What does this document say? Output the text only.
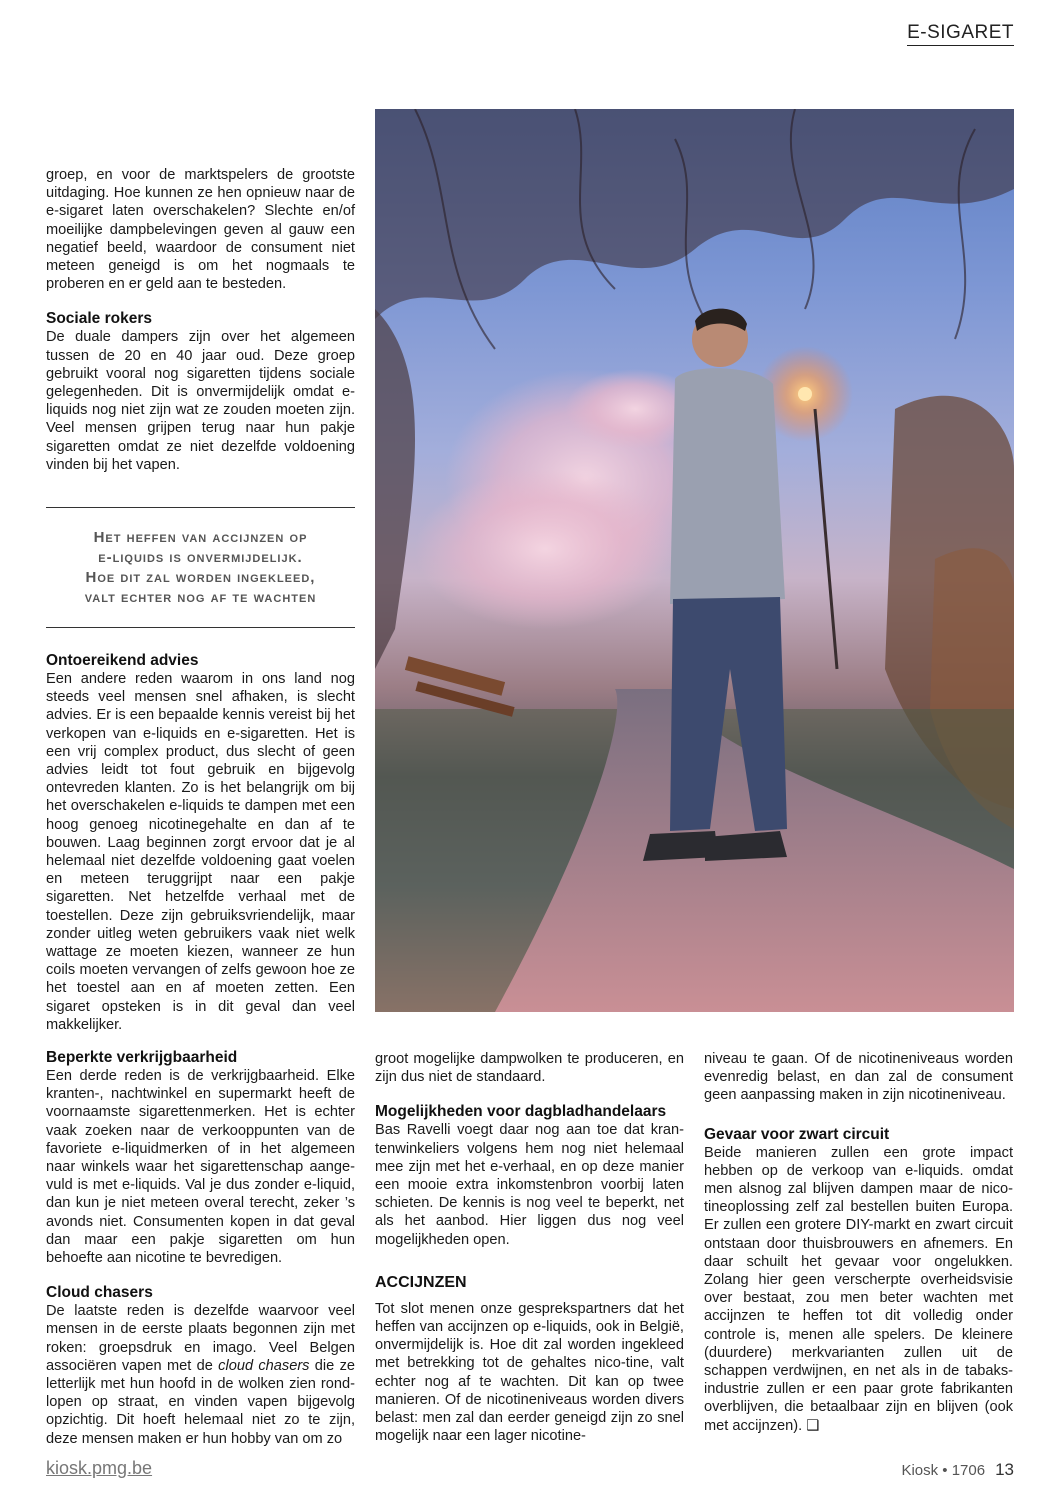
E-SIGARET

groep, en voor de marktspelers de grootste uitdaging. Hoe kunnen ze hen opnieuw naar de e-sigaret laten overschakelen? Slechte en/of moeilijke dampbelevingen geven al gauw een negatief beeld, waardoor de consument niet meteen geneigd is om het nogmaals te proberen en er geld aan te besteden.

Sociale rokers

De duale dampers zijn over het algemeen tussen de 20 en 40 jaar oud. Deze groep gebruikt vooral nog sigaretten tijdens sociale gelegenheden. Dit is onvermijdelijk omdat e-liquids nog niet zijn wat ze zouden moeten zijn. Veel mensen grijpen terug naar hun pakje sigaretten omdat ze niet dezelfde voldoening vinden bij het vapen.

Het heffen van accijnzen op
e-liquids is onvermijdelijk.
Hoe dit zal worden ingekleed,
valt echter nog af te wachten
Ontoereikend advies

Een andere reden waarom in ons land nog steeds veel mensen snel afhaken, is slecht advies. Er is een bepaalde kennis vereist bij het verkopen van e-liquids en e-sigaretten. Het is een vrij complex product, dus slecht of geen advies leidt tot fout gebruik en bijgevolg ontevreden klanten. Zo is het belangrijk om bij het overschakelen e-liquids te dampen met een hoog genoeg nicotinegehalte en dan af te bouwen. Laag beginnen zorgt ervoor dat je al helemaal niet dezelfde voldoening gaat voelen en meteen teruggrijpt naar een pakje sigaretten. Net hetzelfde verhaal met de toestellen. Deze zijn gebruiksvriendelijk, maar zonder uitleg weten gebruikers vaak niet welk wattage ze moeten kiezen, wanneer ze hun coils moeten vervangen of zelfs gewoon hoe ze het toestel aan en af moeten zetten. Een sigaret opsteken is in dit geval dan veel makkelijker.

Beperkte verkrijgbaarheid

Een derde reden is de verkrijgbaarheid. Elke kranten-, nachtwinkel en supermarkt heeft de voornaamste sigarettenmerken. Het is echter vaak zoeken naar de verkooppunten van de favoriete e-liquidmerken of in het algemeen naar winkels waar het sigarettenschap aange-vuld is met e-liquids. Val je dus zonder e-liquid, dan kun je niet meteen overal terecht, zeker ’s avonds niet. Consumenten kopen in dat geval dan maar een pakje sigaretten om hun behoefte aan nicotine te bevredigen.

Cloud chasers

De laatste reden is dezelfde waarvoor veel mensen in de eerste plaats begonnen zijn met roken: groepsdruk en imago. Veel Belgen associëren vapen met de cloud chasers die ze letterlijk met hun hoofd in de wolken zien rond-lopen op straat, en vinden vapen bijgevolg opzichtig. Dit hoeft helemaal niet zo te zijn, deze mensen maken er hun hobby van om zo

groot mogelijke dampwolken te produceren, en zijn dus niet de standaard.

Mogelijkheden voor dagbladhandelaars

Bas Ravelli voegt daar nog aan toe dat kran-tenwinkeliers volgens hem nog niet helemaal mee zijn met het e-verhaal, en op deze manier een mooie extra inkomstenbron voorbij laten schieten. De kennis is nog veel te beperkt, net als het aanbod. Hier liggen dus nog veel mogelijkheden open.

ACCIJNZEN

Tot slot menen onze gesprekspartners dat het heffen van accijnzen op e-liquids, ook in België, onvermijdelijk is. Hoe dit zal worden ingekleed met betrekking tot de gehaltes nico-tine, valt echter nog af te wachten. Dit kan op twee manieren. Of de nicotineniveaus worden divers belast: men zal dan eerder geneigd zijn zo snel mogelijk naar een lager nicotine-

niveau te gaan. Of de nicotineniveaus worden evenredig belast, en dan zal de consument geen aanpassing maken in zijn nicotineniveau.

Gevaar voor zwart circuit

Beide manieren zullen een grote impact hebben op de verkoop van e-liquids. omdat men alsnog zal blijven dampen maar de nico-tineoplossing zelf zal bestellen buiten Europa. Er zullen een grotere DIY-markt en zwart circuit ontstaan door thuisbrouwers en afnemers. En daar schuilt het gevaar voor ongelukken. Zolang hier geen verscherpte overheidsvisie over bestaat, zou men beter wachten met accijnzen te heffen tot dit volledig onder controle is, menen alle spelers. De kleinere (duurdere) merkvarianten zullen uit de schappen verdwijnen, en net als in de tabaks-industrie zullen er een paar grote fabrikanten overblijven, die betaalbaar zijn en blijven (ook met accijnzen). ❑

kiosk.pmg.be	Kiosk • 1706 13
